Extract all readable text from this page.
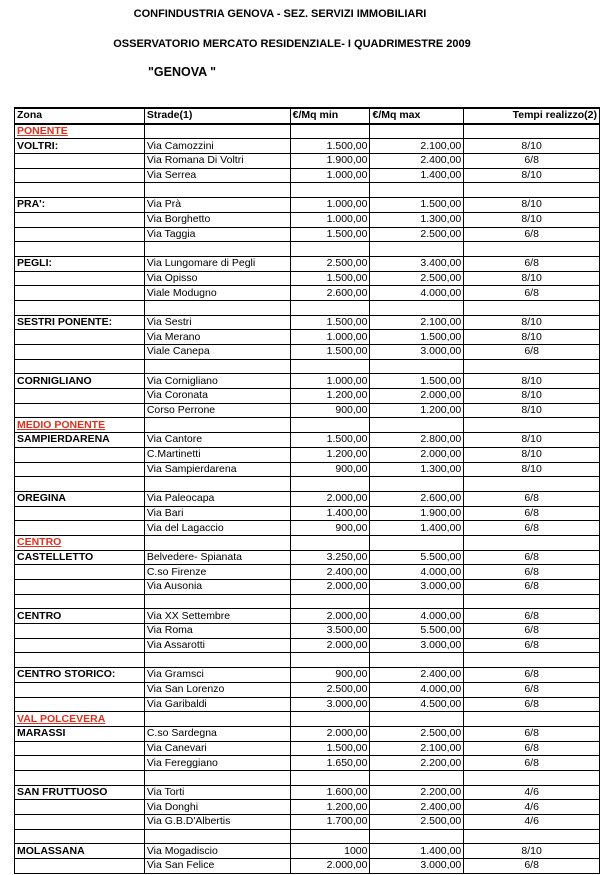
CONFINDUSTRIA GENOVA - SEZ. SERVIZI IMMOBILIARI
OSSERVATORIO MERCATO RESIDENZIALE- I QUADRIMESTRE 2009
"GENOVA "
Zona	Strade(1)	€/Mq min	€/Mq max	Tempi realizzo(2)
PONENTE				
VOLTRI:	Via Camozzini	1.500,00	2.100,00	8/10
	Via Romana Di Voltri	1.900,00	2.400,00	6/8
	Via Serrea	1.000,00	1.400,00	8/10

PRA':	Via Prà	1.000,00	1.500,00	8/10
	Via Borghetto	1.000,00	1.300,00	8/10
	Via Taggia	1.500,00	2.500,00	6/8

PEGLI:	Via Lungomare di Pegli	2.500,00	3.400,00	6/8
	Via Opisso	1.500,00	2.500,00	8/10
	Viale Modugno	2.600,00	4.000,00	6/8

SESTRI PONENTE:	Via Sestri	1.500,00	2.100,00	8/10
	Via Merano	1.000,00	1.500,00	8/10
	Viale Canepa	1.500,00	3.000,00	6/8

CORNIGLIANO	Via Cornigliano	1.000,00	1.500,00	8/10
	Via Coronata	1.200,00	2.000,00	8/10
	Corso Perrone	900,00	1.200,00	8/10
MEDIO PONENTE				
SAMPIERDARENA	Via Cantore	1.500,00	2.800,00	8/10
	C.Martinetti	1.200,00	2.000,00	8/10
	Via Sampierdarena	900,00	1.300,00	8/10

OREGINA	Via Paleocapa	2.000,00	2.600,00	6/8
	Via Bari	1.400,00	1.900,00	6/8
	Via del Lagaccio	900,00	1.400,00	6/8
CENTRO				
CASTELLETTO	Belvedere- Spianata	3.250,00	5.500,00	6/8
	C.so Firenze	2.400,00	4.000,00	6/8
	Via Ausonia	2.000,00	3.000,00	6/8

CENTRO	Via XX Settembre	2.000,00	4.000,00	6/8
	Via Roma	3.500,00	5.500,00	6/8
	Via Assarotti	2.000,00	3.000,00	6/8

CENTRO STORICO:	Via Gramsci	900,00	2.400,00	6/8
	Via San Lorenzo	2.500,00	4.000,00	6/8
	Via Garibaldi	3.000,00	4.500,00	6/8
VAL POLCEVERA				
MARASSI	C.so Sardegna	2.000,00	2.500,00	6/8
	Via Canevari	1.500,00	2.100,00	6/8
	Via Fereggiano	1.650,00	2.200,00	6/8

SAN FRUTTUOSO	Via Torti	1.600,00	2.200,00	4/6
	Via Donghi	1.200,00	2.400,00	4/6
	Via G.B.D'Albertis	1.700,00	2.500,00	4/6

MOLASSANA	Via Mogadiscio	1000	1.400,00	8/10
	Via San Felice	2.000,00	3.000,00	6/8
